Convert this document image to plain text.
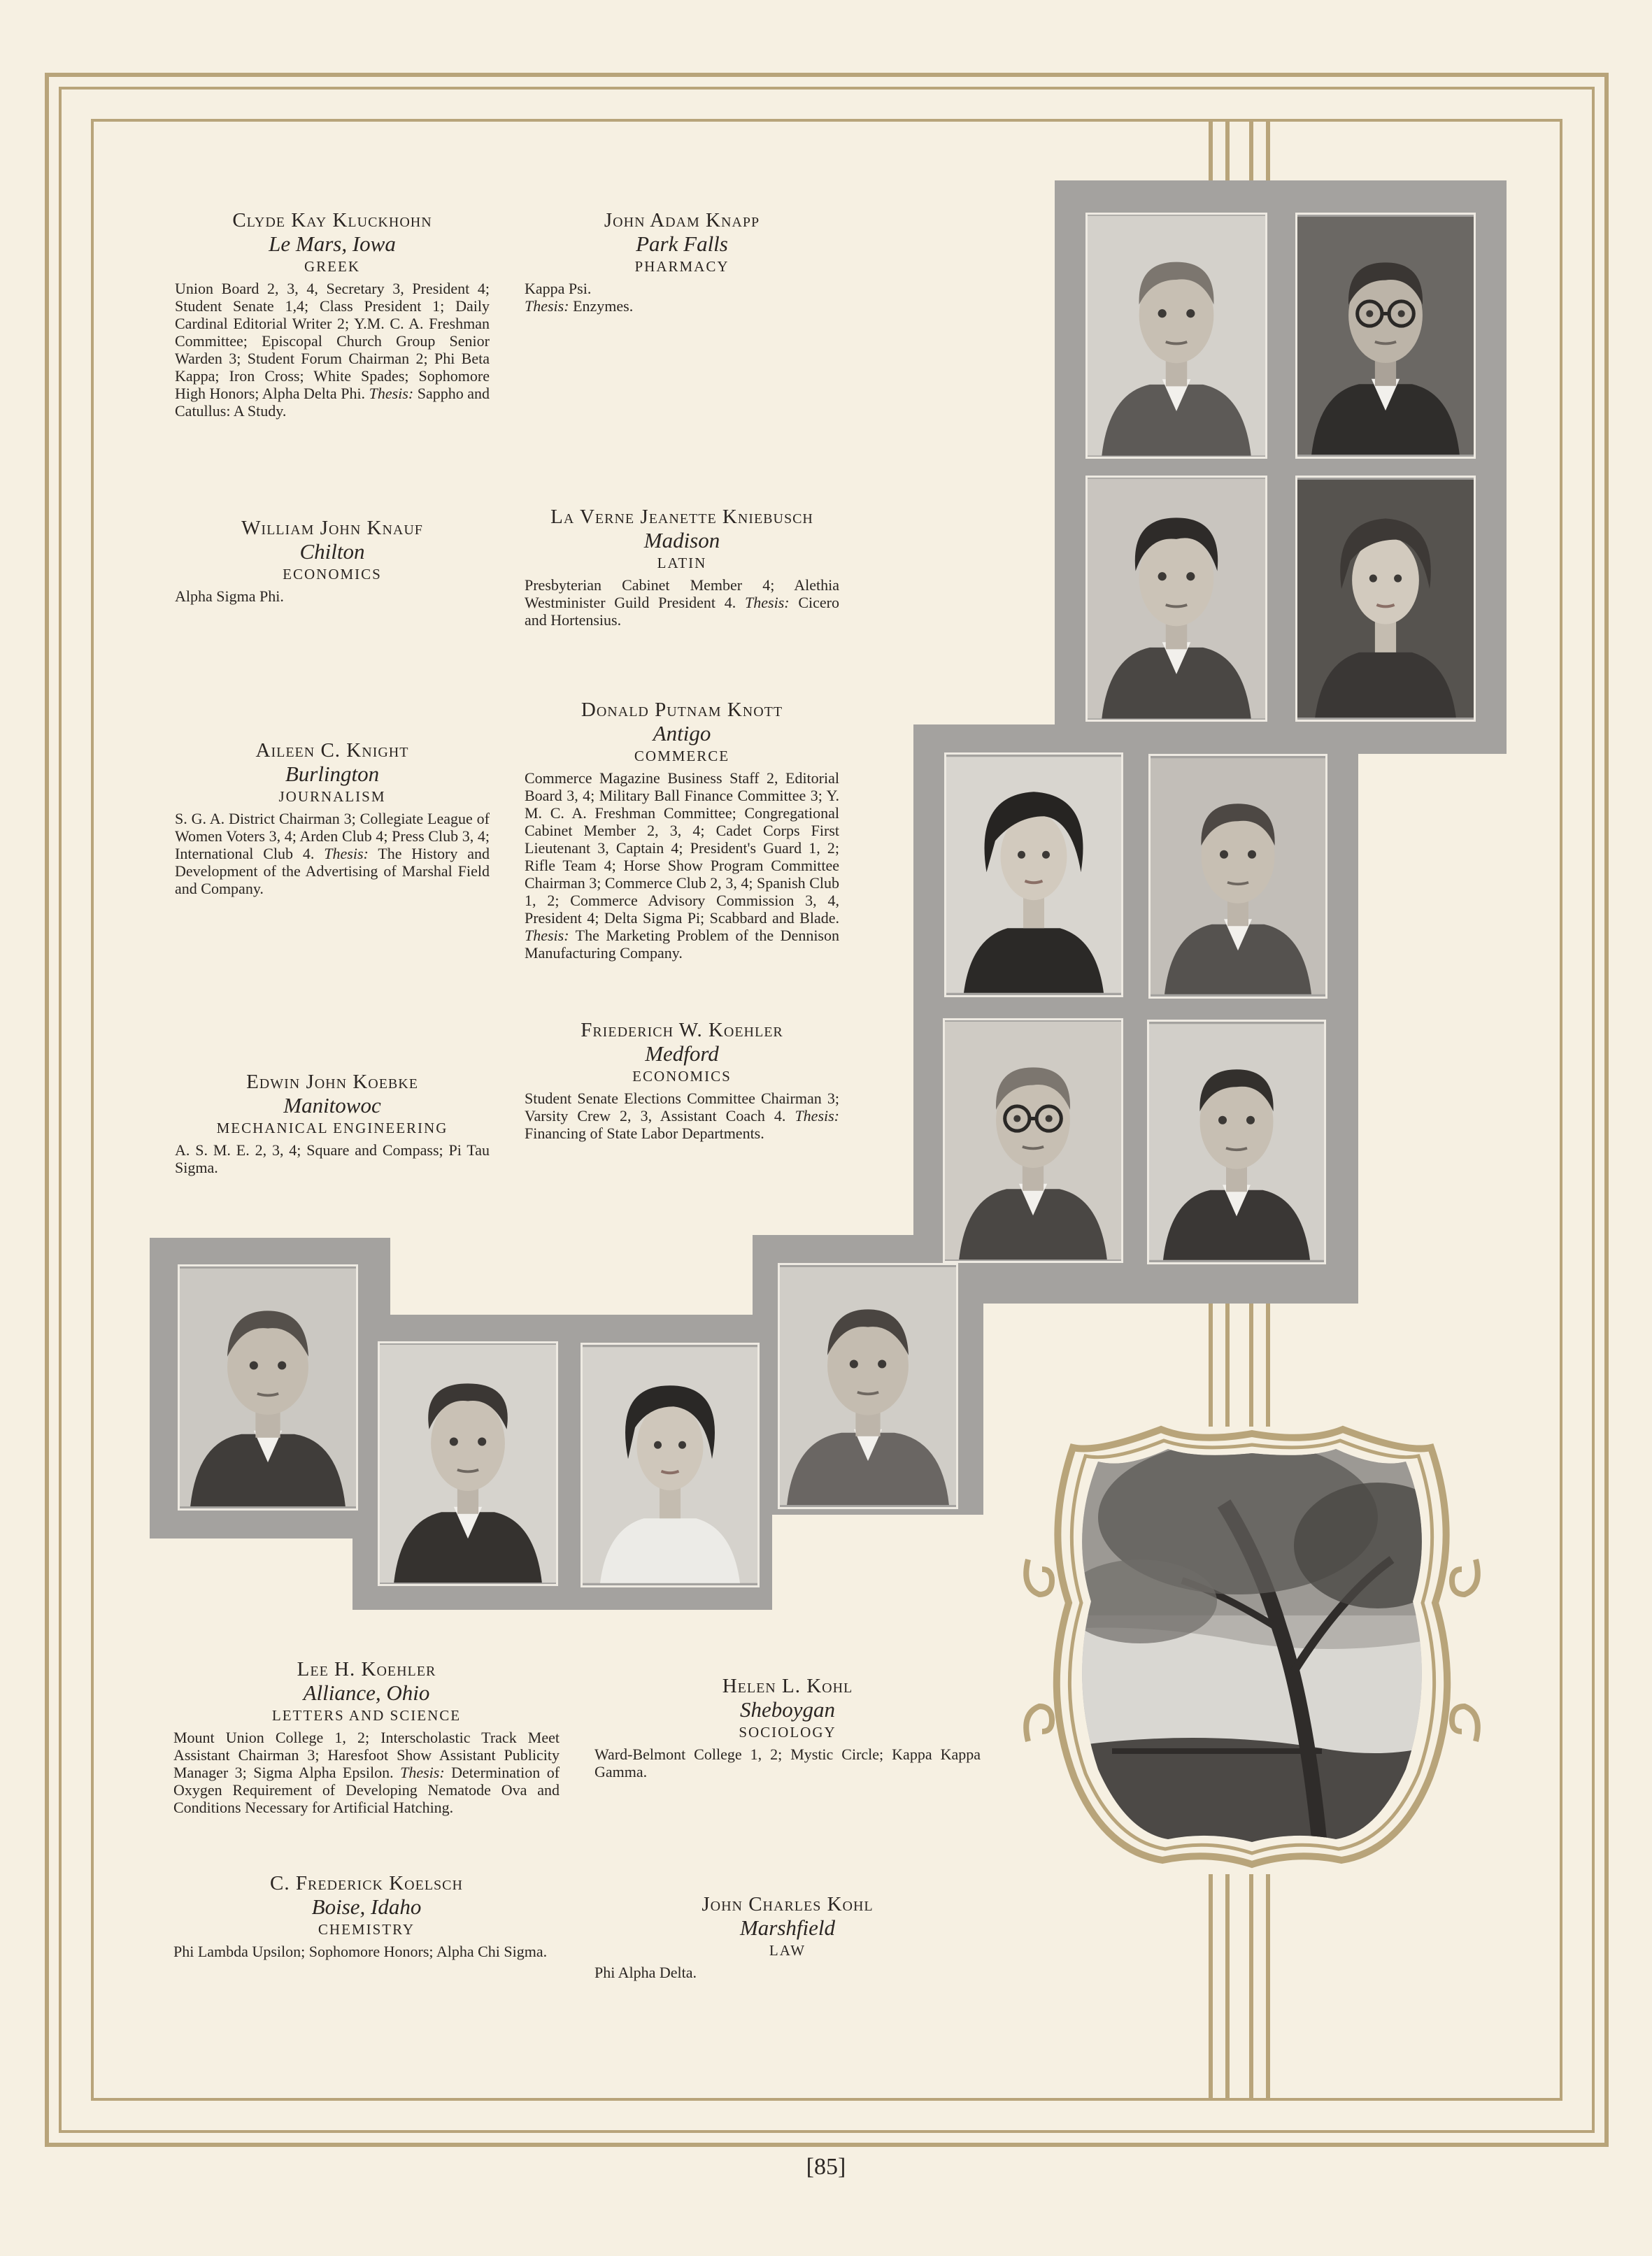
Clyde Kay Kluckhohn
Le Mars, Iowa
GREEK
Union Board 2, 3, 4, Secretary 3, President 4; Student Senate 1,4; Class President 1; Daily Cardinal Editorial Writer 2; Y.M. C. A. Freshman Committee; Episcopal Church Group Senior Warden 3; Student Forum Chairman 2; Phi Beta Kappa; Iron Cross; White Spades; Sophomore High Honors; Alpha Delta Phi. Thesis: Sappho and Catullus: A Study.
John Adam Knapp
Park Falls
PHARMACY
Kappa Psi.
Thesis: Enzymes.
William John Knauf
Chilton
ECONOMICS
Alpha Sigma Phi.
La Verne Jeanette Kniebusch
Madison
LATIN
Presbyterian Cabinet Member 4; Alethia Westminister Guild President 4. Thesis: Cicero and Hortensius.
Aileen C. Knight
Burlington
JOURNALISM
S. G. A. District Chairman 3; Collegiate League of Women Voters 3, 4; Arden Club 4; Press Club 3, 4; International Club 4. Thesis: The History and Development of the Advertising of Marshal Field and Company.
Donald Putnam Knott
Antigo
COMMERCE
Commerce Magazine Business Staff 2, Editorial Board 3, 4; Military Ball Finance Committee 3; Y. M. C. A. Freshman Committee; Congregational Cabinet Member 2, 3, 4; Cadet Corps First Lieutenant 3, Captain 4; President's Guard 1, 2; Rifle Team 4; Horse Show Program Committee Chairman 3; Commerce Club 2, 3, 4; Spanish Club 1, 2; Commerce Advisory Commission 3, 4, President 4; Delta Sigma Pi; Scabbard and Blade. Thesis: The Marketing Problem of the Dennison Manufacturing Company.
Friederich W. Koehler
Medford
ECONOMICS
Student Senate Elections Committee Chairman 3; Varsity Crew 2, 3, Assistant Coach 4. Thesis: Financing of State Labor Departments.
Edwin John Koebke
Manitowoc
MECHANICAL ENGINEERING
A. S. M. E. 2, 3, 4; Square and Compass; Pi Tau Sigma.
Lee H. Koehler
Alliance, Ohio
LETTERS AND SCIENCE
Mount Union College 1, 2; Interscholastic Track Meet Assistant Chairman 3; Haresfoot Show Assistant Publicity Manager 3; Sigma Alpha Epsilon. Thesis: Determination of Oxygen Requirement of Developing Nematode Ova and Conditions Necessary for Artificial Hatching.
Helen L. Kohl
Sheboygan
SOCIOLOGY
Ward-Belmont College 1, 2; Mystic Circle; Kappa Kappa Gamma.
C. Frederick Koelsch
Boise, Idaho
CHEMISTRY
Phi Lambda Upsilon; Sophomore Honors; Alpha Chi Sigma.
John Charles Kohl
Marshfield
LAW
Phi Alpha Delta.
[85]
